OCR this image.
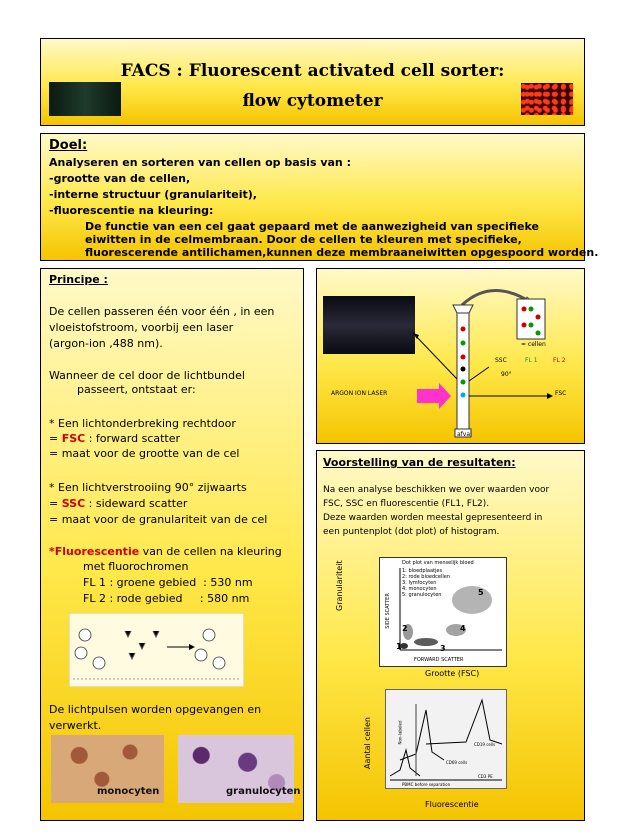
FACS : Fluorescent activated cell sorter:
flow cytometer
Doel:
Analyseren en sorteren van cellen op basis van :
-grootte van de cellen,
-interne structuur (granulariteit),
-fluorescentie na kleuring:
De functie van een cel gaat gepaard met de aanwezigheid van specifieke
eiwitten in de celmembraan. Door de cellen te kleuren met specifieke,
fluorescerende antilichamen,kunnen deze membraaneiwitten opgespoord worden.
Principe :
De cellen passeren één voor één , in een
vloeistofstroom, voorbij een laser
(argon-ion ,488 nm).
Wanneer de cel door de lichtbundel
passeert, ontstaat er:
* Een lichtonderbreking rechtdoor
= FSC : forward scatter
= maat voor de grootte van de cel
* Een lichtverstrooiing 90° zijwaarts
= SSC : sideward scatter
= maat voor de granulariteit van de cel
*Fluorescentie van de cellen na kleuring
met fluorochromen
FL 1 : groene gebied  : 530 nm
FL 2 : rode gebied     : 580 nm
De lichtpulsen worden opgevangen en
verwerkt.
monocyten	granulocyten
ARGON ION LASER	FSC
SSC	FL 1	FL 2
90°
= cellen
afval
Voorstelling van de resultaten:
Na een analyse beschikken we over waarden voor
FSC, SSC en fluorescentie (FL1, FL2).
Deze waarden worden meestal gepresenteerd in
een puntenplot (dot plot) of histogram.
Dot plot van menselijk bloed
1: bloedplaatjes
2: rode bloedcellen
3: lymfocyten
4: monocyten
5: granulocyten
1
2
3
4
5
FORWARD SCATTER
SIDE SCATTER
Granulariteit
Grootte (FSC)
CD19 cells
CD69 cells
CD3 PE
PBMC before separation
Non-labeled
Aantal cellen
Fluorescentie
